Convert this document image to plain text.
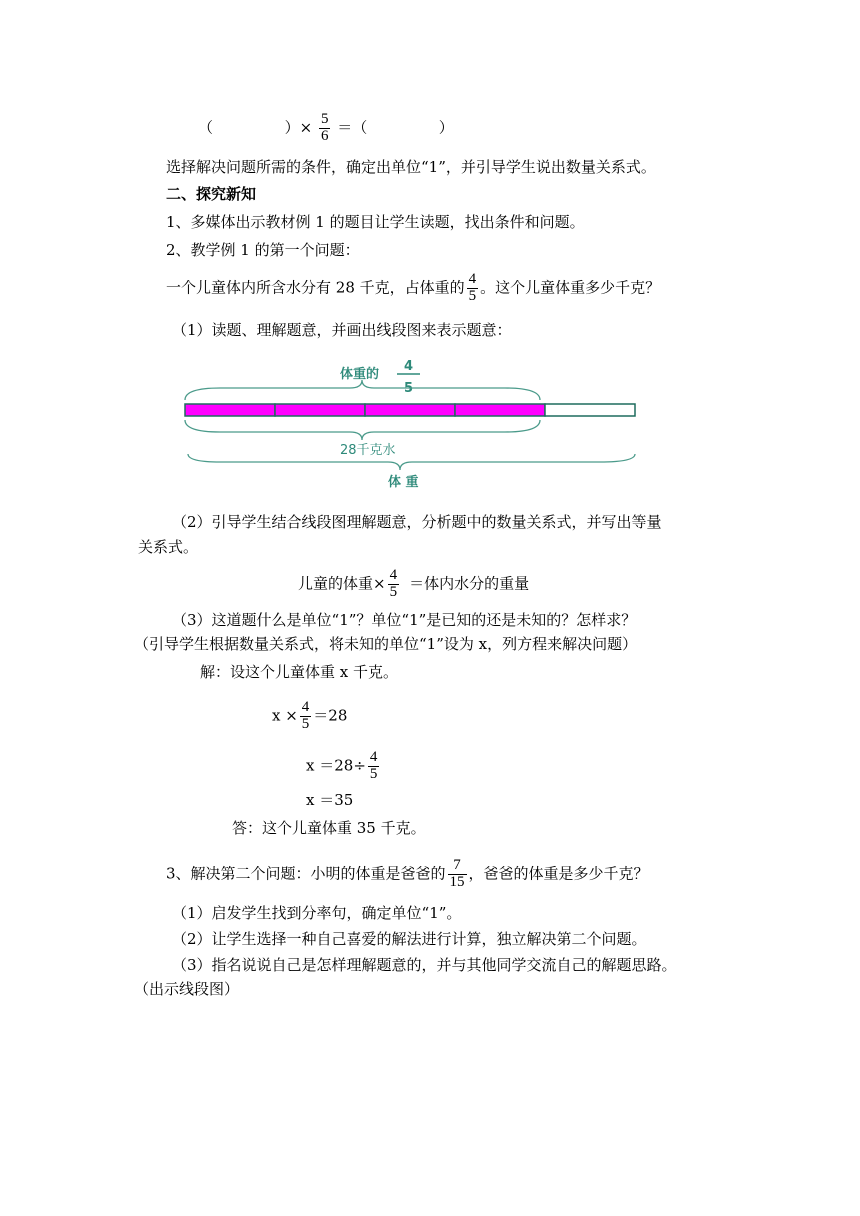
（	）× $\frac{5}{6}$ ＝（	）
选择解决问题所需的条件，确定出单位“1”，并引导学生说出数量关系式。
二、探究新知
1、多媒体出示教材例 1 的题目让学生读题，找出条件和问题。
2、教学例 1 的第一个问题：
一个儿童体内所含水分有 28 千克，占体重的 $\frac{4}{5}$ 。这个儿童体重多少千克？
（1）读题、理解题意，并画出线段图来表示题意：
体重的
4
5
28千克水
体 重
（2）引导学生结合线段图理解题意，分析题中的数量关系式，并写出等量
关系式。
儿童的体重× $\frac{4}{5}$ ＝体内水分的重量
（3）这道题什么是单位“1”？单位“1”是已知的还是未知的？怎样求？
（引导学生根据数量关系式，将未知的单位“1”设为 x，列方程来解决问题）
解：设这个儿童体重 x 千克。
$x \times \frac{4}{5} =28$
$x =28\div \frac{4}{5}$
x ＝35
答：这个儿童体重 35 千克。
3、解决第二个问题：小明的体重是爸爸的 $\frac{7}{15}$ ，爸爸的体重是多少千克？
（1）启发学生找到分率句，确定单位“1”。
（2）让学生选择一种自己喜爱的解法进行计算，独立解决第二个问题。
（3）指名说说自己是怎样理解题意的，并与其他同学交流自己的解题思路。
（出示线段图）
